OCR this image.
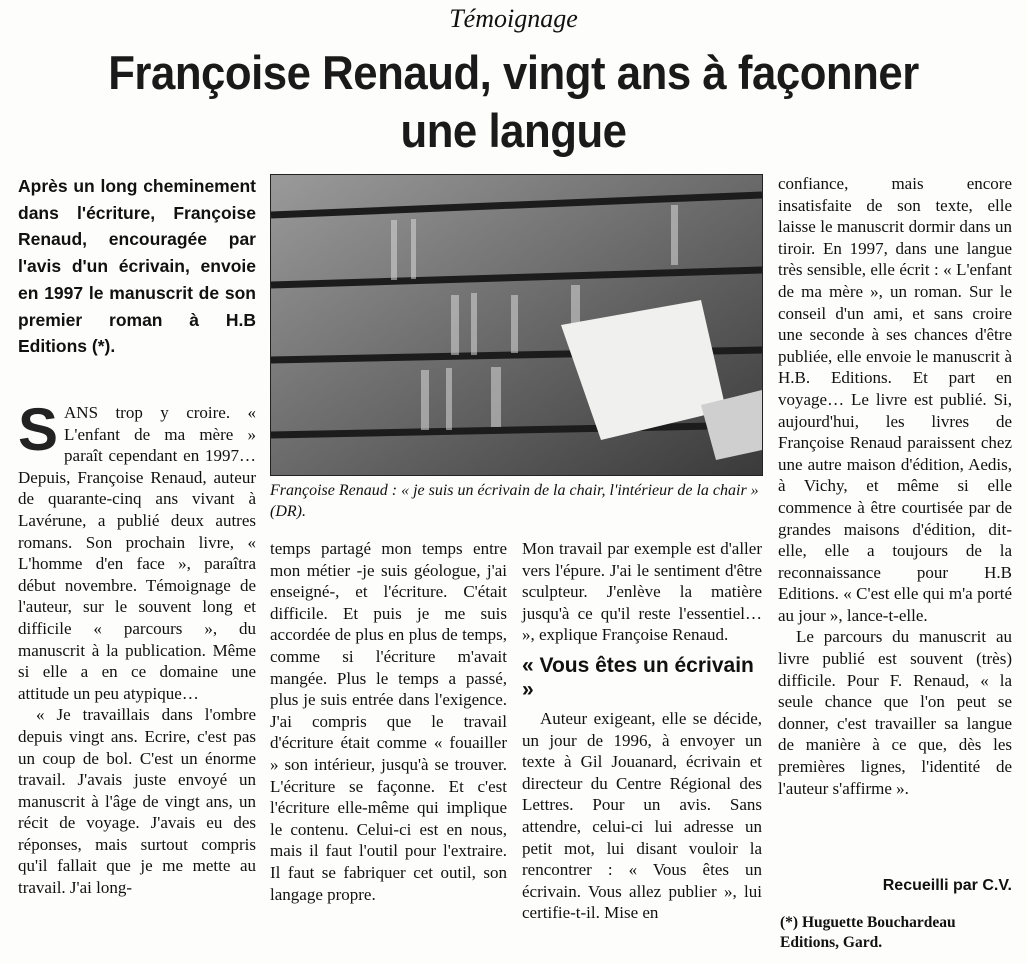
Témoignage
Françoise Renaud, vingt ans à façonner
une langue
Après un long cheminement dans l'écriture, Françoise Renaud, encouragée par l'avis d'un écrivain, envoie en 1997 le manuscrit de son premier roman à H.B Editions (*).
Françoise Renaud : « je suis un écrivain de la chair, l'intérieur de la chair » (DR).

S ANS trop y croire. « L'enfant de ma mère » paraît cependant en 1997… Depuis, Françoise Renaud, auteur de quarante-cinq ans vivant à Lavérune, a publié deux autres romans. Son prochain livre, « L'homme d'en face », paraîtra début novembre. Témoignage de l'auteur, sur le souvent long et difficile « parcours », du manuscrit à la publication. Même si elle a en ce domaine une attitude un peu atypique…

« Je travaillais dans l'ombre depuis vingt ans. Ecrire, c'est pas un coup de bol. C'est un énorme travail. J'avais juste envoyé un manuscrit à l'âge de vingt ans, un récit de voyage. J'avais eu des réponses, mais surtout compris qu'il fallait que je me mette au travail. J'ai long-

temps partagé mon temps entre mon métier -je suis géologue, j'ai enseigné-, et l'écriture. C'était difficile. Et puis je me suis accordée de plus en plus de temps, comme si l'écriture m'avait mangée. Plus le temps a passé, plus je suis entrée dans l'exigence. J'ai compris que le travail d'écriture était comme « fouailler » son intérieur, jusqu'à se trouver. L'écriture se façonne. Et c'est l'écriture elle-même qui implique le contenu. Celui-ci est en nous, mais il faut l'outil pour l'extraire. Il faut se fabriquer cet outil, son langage propre.

Mon travail par exemple est d'aller vers l'épure. J'ai le sentiment d'être sculpteur. J'enlève la matière jusqu'à ce qu'il reste l'essentiel… », explique Françoise Renaud.

« Vous êtes un écrivain »

Auteur exigeant, elle se décide, un jour de 1996, à envoyer un texte à Gil Jouanard, écrivain et directeur du Centre Régional des Lettres. Pour un avis. Sans attendre, celui-ci lui adresse un petit mot, lui disant vouloir la rencontrer : « Vous êtes un écrivain. Vous allez publier », lui certifie-t-il. Mise en

confiance, mais encore insatisfaite de son texte, elle laisse le manuscrit dormir dans un tiroir. En 1997, dans une langue très sensible, elle écrit : « L'enfant de ma mère », un roman. Sur le conseil d'un ami, et sans croire une seconde à ses chances d'être publiée, elle envoie le manuscrit à H.B. Editions. Et part en voyage… Le livre est publié. Si, aujourd'hui, les livres de Françoise Renaud paraissent chez une autre maison d'édition, Aedis, à Vichy, et même si elle commence à être courtisée par de grandes maisons d'édition, dit-elle, elle a toujours de la reconnaissance pour H.B Editions. « C'est elle qui m'a porté au jour », lance-t-elle.

Le parcours du manuscrit au livre publié est souvent (très) difficile. Pour F. Renaud, « la seule chance que l'on peut se donner, c'est travailler sa langue de manière à ce que, dès les premières lignes, l'identité de l'auteur s'affirme ».

Recueilli par C.V.
(*) Huguette Bouchardeau Editions, Gard.
